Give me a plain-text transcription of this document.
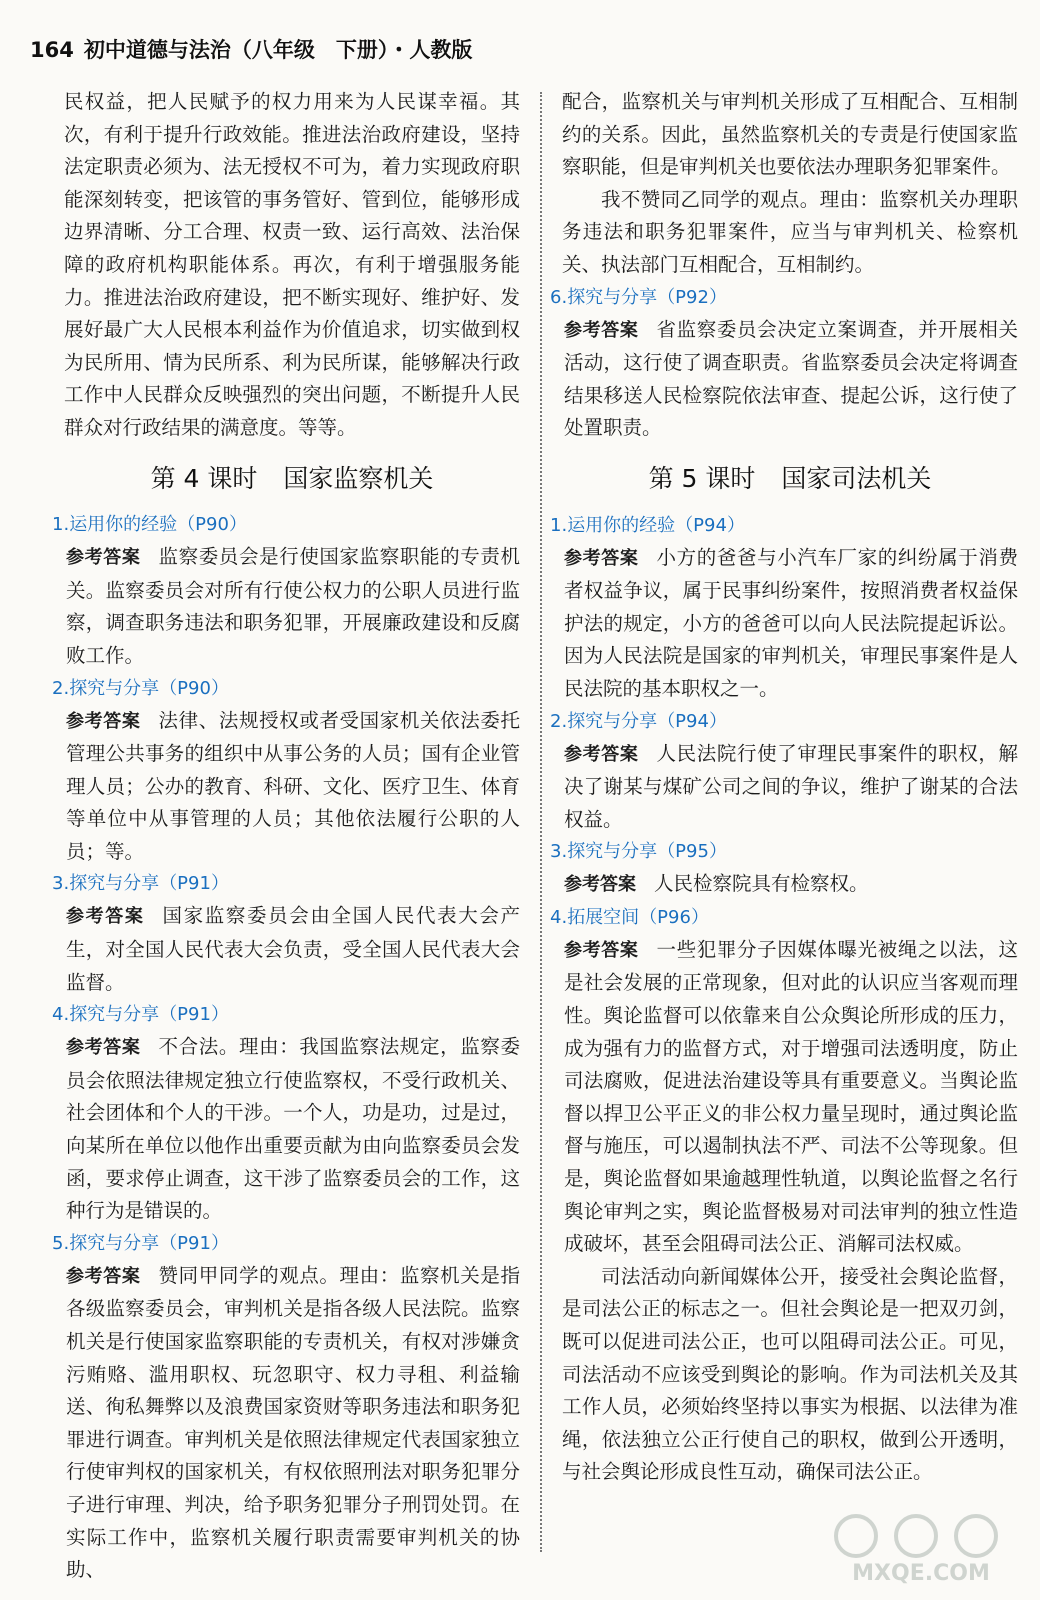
164 初中道德与法治（八年级　下册）・人教版

民权益，把人民赋予的权力用来为人民谋幸福。其次，有利于提升行政效能。推进法治政府建设，坚持法定职责必须为、法无授权不可为，着力实现政府职能深刻转变，把该管的事务管好、管到位，能够形成边界清晰、分工合理、权责一致、运行高效、法治保障的政府机构职能体系。再次，有利于增强服务能力。推进法治政府建设，把不断实现好、维护好、发展好最广大人民根本利益作为价值追求，切实做到权为民所用、情为民所系、利为民所谋，能够解决行政工作中人民群众反映强烈的突出问题，不断提升人民群众对行政结果的满意度。等等。

第 4 课时 国家监察机关
1.运用你的经验（P90）

参考答案 监察委员会是行使国家监察职能的专责机关。监察委员会对所有行使公权力的公职人员进行监察，调查职务违法和职务犯罪，开展廉政建设和反腐败工作。

2.探究与分享（P90）

参考答案 法律、法规授权或者受国家机关依法委托管理公共事务的组织中从事公务的人员；国有企业管理人员；公办的教育、科研、文化、医疗卫生、体育等单位中从事管理的人员；其他依法履行公职的人员；等。

3.探究与分享（P91）

参考答案 国家监察委员会由全国人民代表大会产生，对全国人民代表大会负责，受全国人民代表大会监督。

4.探究与分享（P91）

参考答案 不合法。理由：我国监察法规定，监察委员会依照法律规定独立行使监察权，不受行政机关、社会团体和个人的干涉。一个人，功是功，过是过，向某所在单位以他作出重要贡献为由向监察委员会发函，要求停止调查，这干涉了监察委员会的工作，这种行为是错误的。

5.探究与分享（P91）

参考答案 赞同甲同学的观点。理由：监察机关是指各级监察委员会，审判机关是指各级人民法院。监察机关是行使国家监察职能的专责机关，有权对涉嫌贪污贿赂、滥用职权、玩忽职守、权力寻租、利益输送、徇私舞弊以及浪费国家资财等职务违法和职务犯罪进行调查。审判机关是依照法律规定代表国家独立行使审判权的国家机关，有权依照刑法对职务犯罪分子进行审理、判决，给予职务犯罪分子刑罚处罚。在实际工作中，监察机关履行职责需要审判机关的协助、

配合，监察机关与审判机关形成了互相配合、互相制约的关系。因此，虽然监察机关的专责是行使国家监察职能，但是审判机关也要依法办理职务犯罪案件。

我不赞同乙同学的观点。理由：监察机关办理职务违法和职务犯罪案件，应当与审判机关、检察机关、执法部门互相配合，互相制约。

6.探究与分享（P92）

参考答案 省监察委员会决定立案调查，并开展相关活动，这行使了调查职责。省监察委员会决定将调查结果移送人民检察院依法审查、提起公诉，这行使了处置职责。

第 5 课时 国家司法机关
1.运用你的经验（P94）

参考答案 小方的爸爸与小汽车厂家的纠纷属于消费者权益争议，属于民事纠纷案件，按照消费者权益保护法的规定，小方的爸爸可以向人民法院提起诉讼。因为人民法院是国家的审判机关，审理民事案件是人民法院的基本职权之一。

2.探究与分享（P94）

参考答案 人民法院行使了审理民事案件的职权，解决了谢某与煤矿公司之间的争议，维护了谢某的合法权益。

3.探究与分享（P95）

参考答案 人民检察院具有检察权。

4.拓展空间（P96）

参考答案 一些犯罪分子因媒体曝光被绳之以法，这是社会发展的正常现象，但对此的认识应当客观而理性。舆论监督可以依靠来自公众舆论所形成的压力，成为强有力的监督方式，对于增强司法透明度，防止司法腐败，促进法治建设等具有重要意义。当舆论监督以捍卫公平正义的非公权力量呈现时，通过舆论监督与施压，可以遏制执法不严、司法不公等现象。但是，舆论监督如果逾越理性轨道，以舆论监督之名行舆论审判之实，舆论监督极易对司法审判的独立性造成破坏，甚至会阻碍司法公正、消解司法权威。

司法活动向新闻媒体公开，接受社会舆论监督，是司法公正的标志之一。但社会舆论是一把双刃剑，既可以促进司法公正，也可以阻碍司法公正。可见，司法活动不应该受到舆论的影响。作为司法机关及其工作人员，必须始终坚持以事实为根据、以法律为准绳，依法独立公正行使自己的职权，做到公开透明，与社会舆论形成良性互动，确保司法公正。

MXQE.COM
